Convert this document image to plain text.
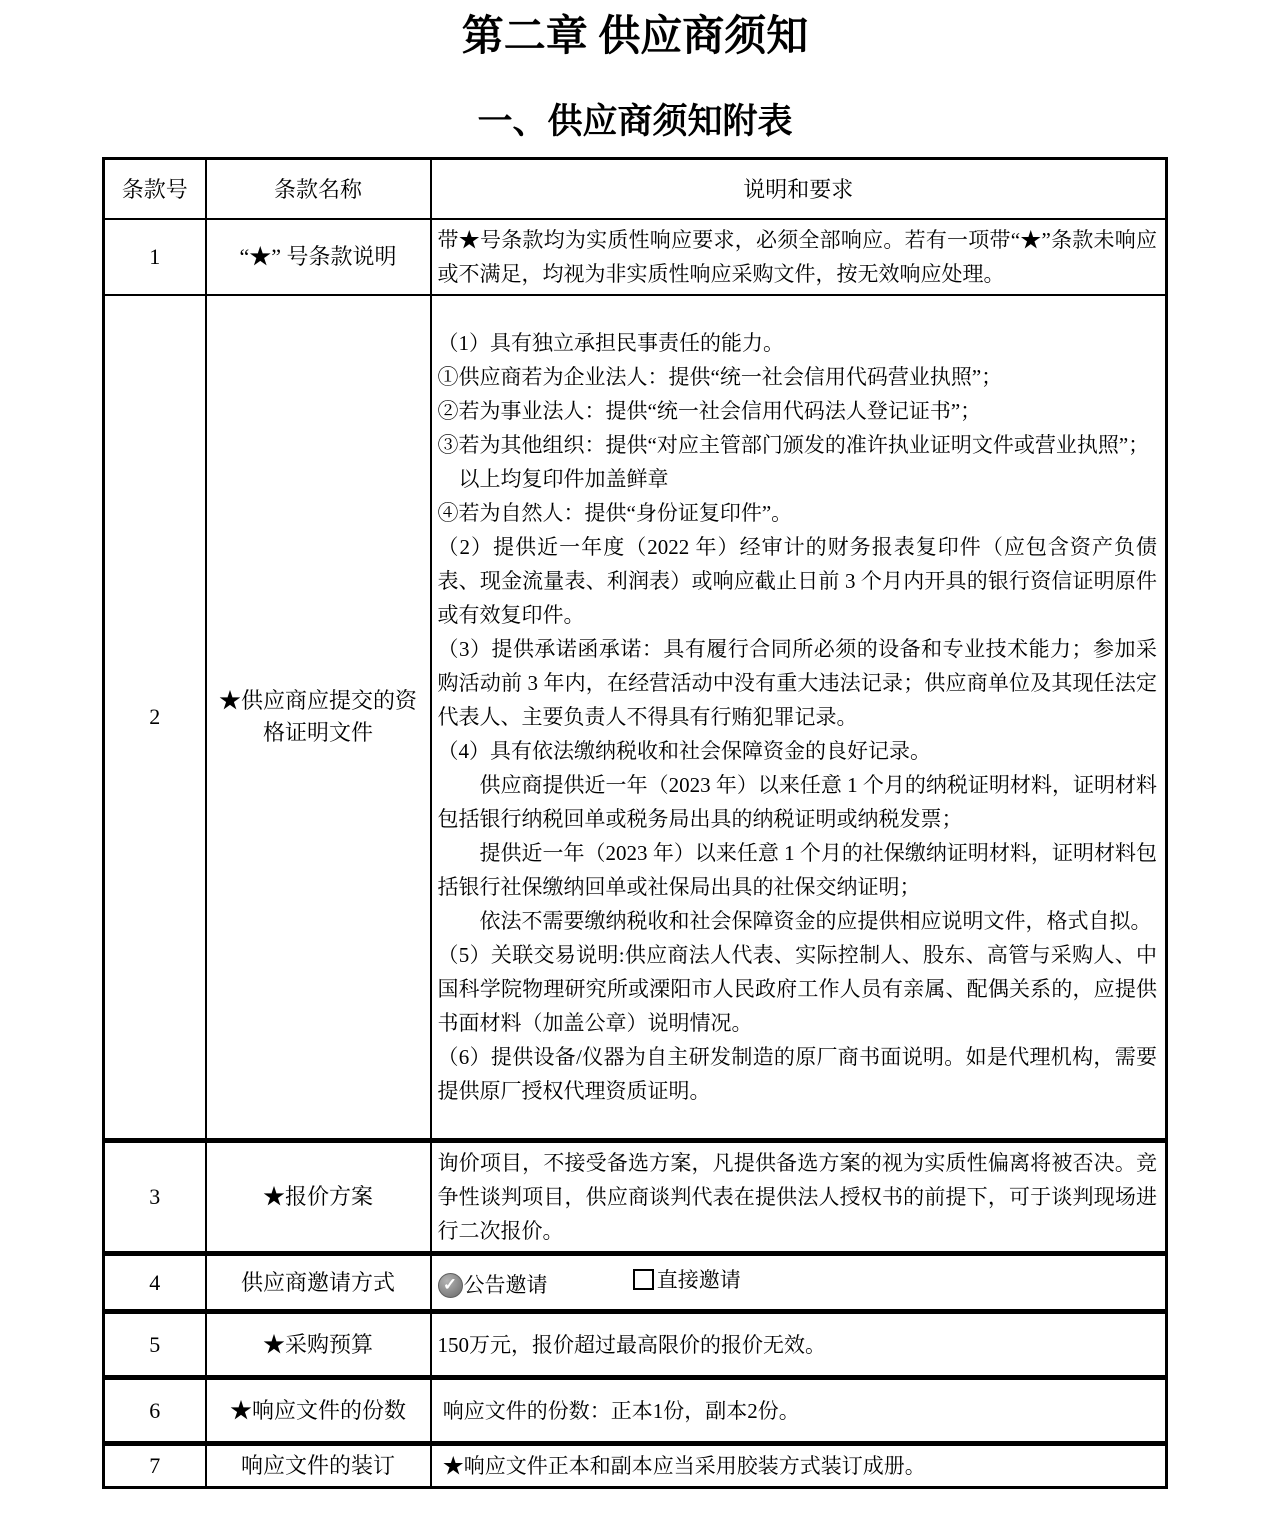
第二章 供应商须知
一、供应商须知附表
条款号	条款名称	说明和要求
1	“★” 号条款说明	带★号条款均为实质性响应要求，必须全部响应。若有一项带“★”条款未响应或不满足，均视为非实质性响应采购文件，按无效响应处理。

2	★供应商应提交的资格证明文件	

（1）具有独立承担民事责任的能力。

①供应商若为企业法人：提供“统一社会信用代码营业执照”；

②若为事业法人：提供“统一社会信用代码法人登记证书”；

③若为其他组织：提供“对应主管部门颁发的准许执业证明文件或营业执照”；

　以上均复印件加盖鲜章

④若为自然人：提供“身份证复印件”。

（2）提供近一年度（2022 年）经审计的财务报表复印件（应包含资产负债表、现金流量表、利润表）或响应截止日前 3 个月内开具的银行资信证明原件或有效复印件。

（3）提供承诺函承诺：具有履行合同所必须的设备和专业技术能力；参加采购活动前 3 年内，在经营活动中没有重大违法记录；供应商单位及其现任法定代表人、主要负责人不得具有行贿犯罪记录。

（4）具有依法缴纳税收和社会保障资金的良好记录。

　　供应商提供近一年（2023 年）以来任意 1 个月的纳税证明材料，证明材料包括银行纳税回单或税务局出具的纳税证明或纳税发票；

　　提供近一年（2023 年）以来任意 1 个月的社保缴纳证明材料，证明材料包括银行社保缴纳回单或社保局出具的社保交纳证明；

　　依法不需要缴纳税收和社会保障资金的应提供相应说明文件，格式自拟。

（5）关联交易说明:供应商法人代表、实际控制人、股东、高管与采购人、中国科学院物理研究所或溧阳市人民政府工作人员有亲属、配偶关系的，应提供书面材料（加盖公章）说明情况。

（6）提供设备/仪器为自主研发制造的原厂商书面说明。如是代理机构，需要提供原厂授权代理资质证明。

3	★报价方案	询价项目，不接受备选方案，凡提供备选方案的视为实质性偏离将被否决。竞争性谈判项目，供应商谈判代表在提供法人授权书的前提下，可于谈判现场进行二次报价。

4	供应商邀请方式	✓ 公告邀请
直接邀请

5	★采购预算	150万元，报价超过最高限价的报价无效。

6	★响应文件的份数	响应文件的份数：正本1份，副本2份。

7	响应文件的装订	★响应文件正本和副本应当采用胶装方式装订成册。
